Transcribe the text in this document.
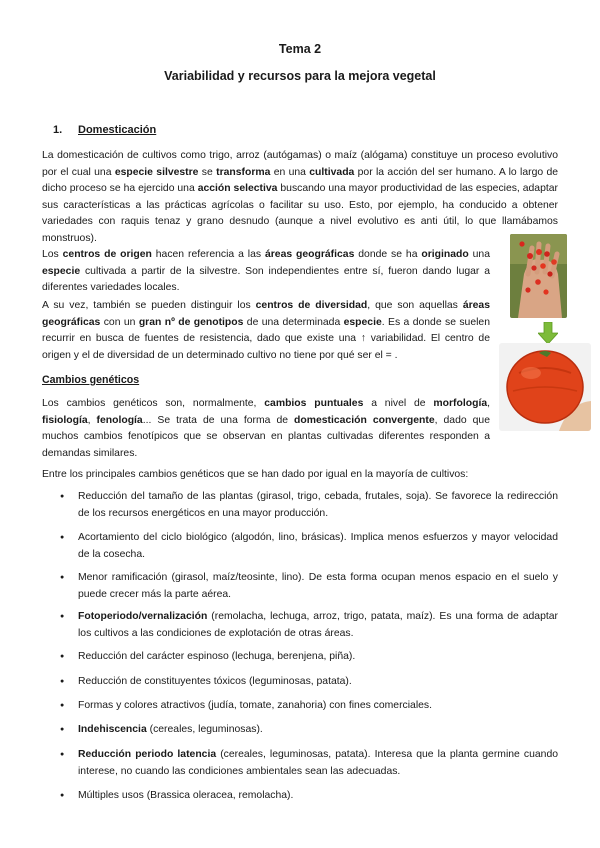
Tema 2
Variabilidad y recursos para la mejora vegetal
1. Domesticación

La domesticación de cultivos como trigo, arroz (autógamas) o maíz (alógama) constituye un proceso evolutivo por el cual una especie silvestre se transforma en una cultivada por la acción del ser humano. A lo largo de dicho proceso se ha ejercido una acción selectiva buscando una mayor productividad de las especies, adaptar sus características a las prácticas agrícolas o facilitar su uso. Esto, por ejemplo, ha conducido a obtener variedades con raquis tenaz y grano desnudo (aunque a nivel evolutivo es anti útil, lo que llamábamos monstruos).

Los centros de origen hacen referencia a las áreas geográficas donde se ha originado una especie cultivada a partir de la silvestre. Son independientes entre sí, fueron dando lugar a diferentes variedades locales.

A su vez, también se pueden distinguir los centros de diversidad, que son aquellas áreas geográficas con un gran nº de genotipos de una determinada especie. Es a donde se suelen recurrir en busca de fuentes de resistencia, dado que existe una ↑ variabilidad. El centro de origen y el de diversidad de un determinado cultivo no tiene por qué ser el = .

Cambios genéticos

Los cambios genéticos son, normalmente, cambios puntuales a nivel de morfología, fisiología, fenología... Se trata de una forma de domesticación convergente, dado que muchos cambios fenotípicos que se observan en plantas cultivadas diferentes responden a demandas similares.

Entre los principales cambios genéticos que se han dado por igual en la mayoría de cultivos:

● Reducción del tamaño de las plantas (girasol, trigo, cebada, frutales, soja). Se favorece la redirección de los recursos energéticos en una mayor producción.
● Acortamiento del ciclo biológico (algodón, lino, brásicas). Implica menos esfuerzos y mayor velocidad de la cosecha.
● Menor ramificación (girasol, maíz/teosinte, lino). De esta forma ocupan menos espacio en el suelo y puede crecer más la parte aérea.
● Fotoperiodo/vernalización (remolacha, lechuga, arroz, trigo, patata, maíz). Es una forma de adaptar los cultivos a las condiciones de explotación de otras áreas.
● Reducción del carácter espinoso (lechuga, berenjena, piña).
● Reducción de constituyentes tóxicos (leguminosas, patata).
● Formas y colores atractivos (judía, tomate, zanahoria) con fines comerciales.
● Indehiscencia (cereales, leguminosas).
● Reducción periodo latencia (cereales, leguminosas, patata). Interesa que la planta germine cuando interese, no cuando las condiciones ambientales sean las adecuadas.
● Múltiples usos (Brassica oleracea, remolacha).
